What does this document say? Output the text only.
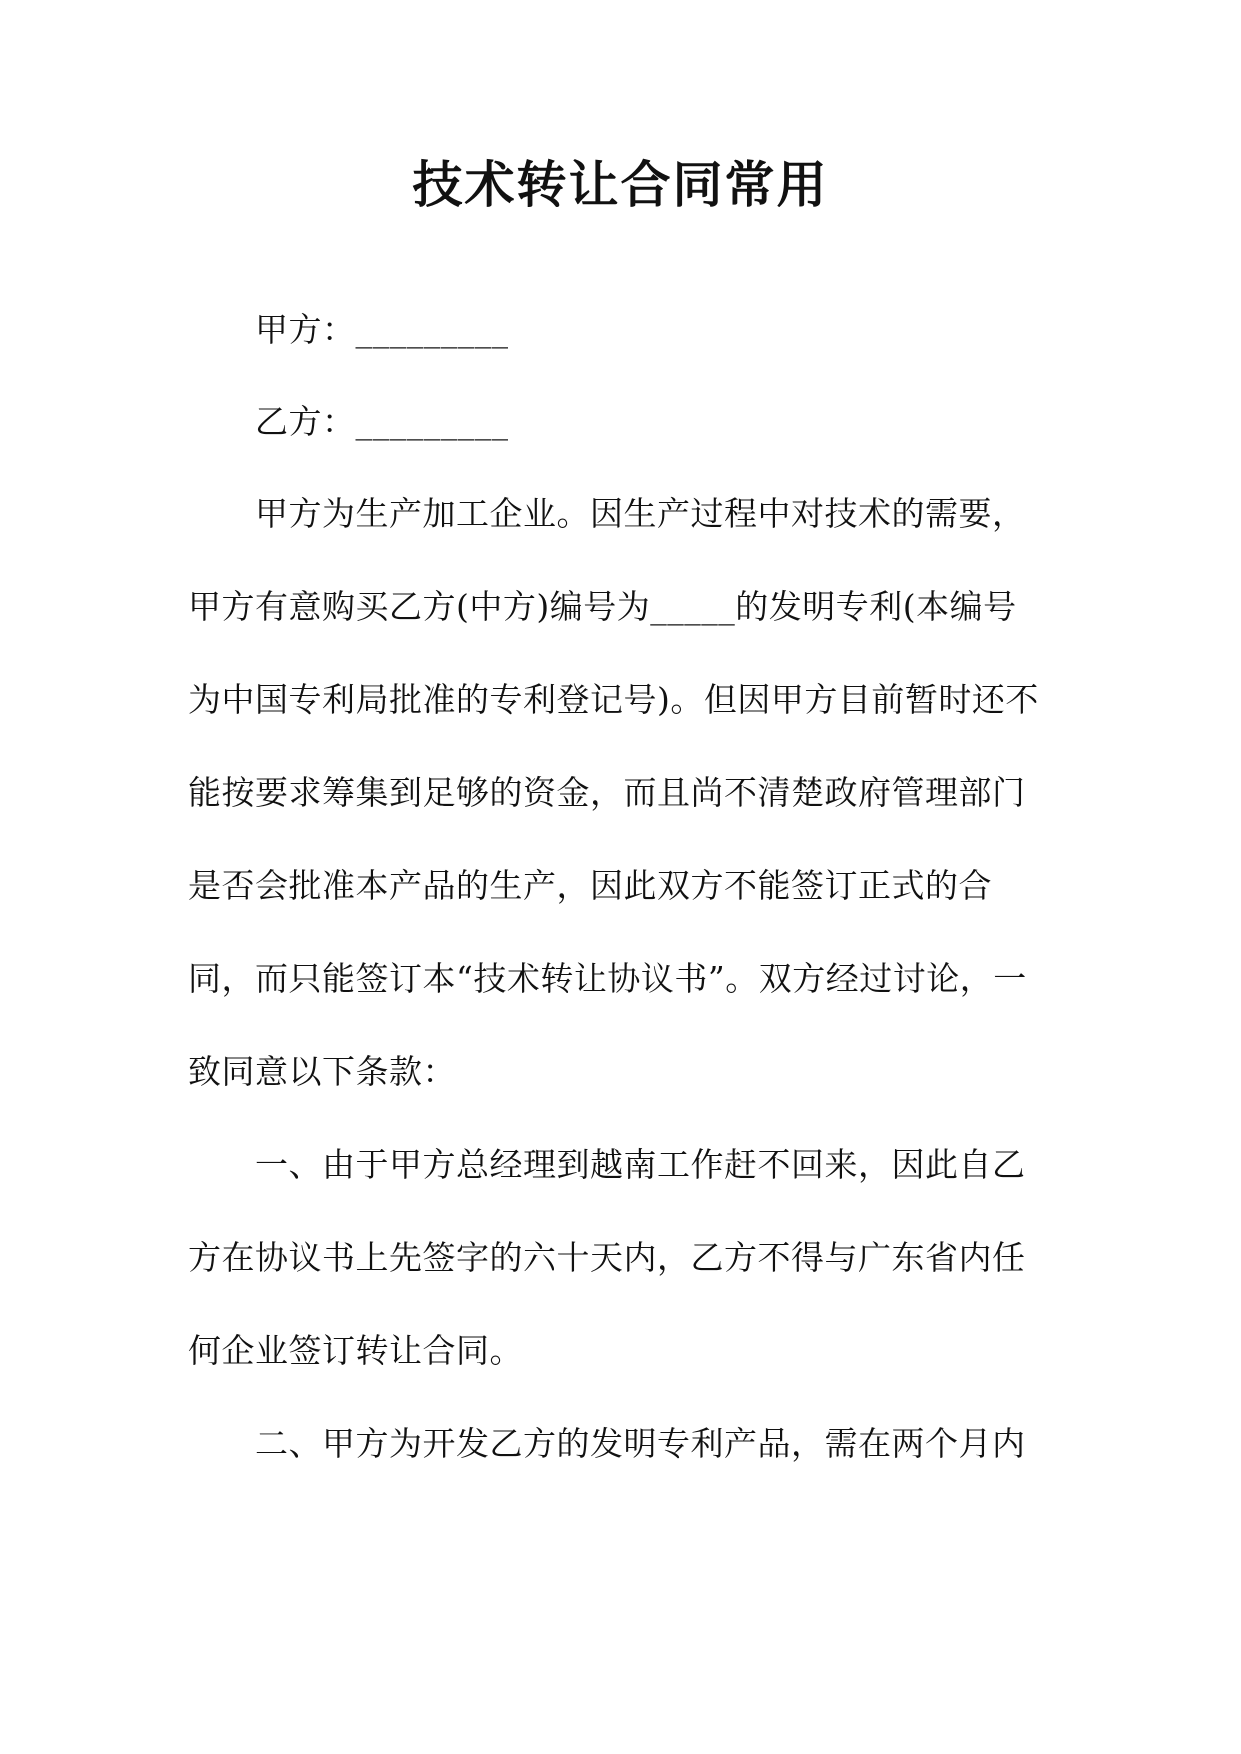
技术转让合同常用
甲方：_________
乙方：_________
甲方为生产加工企业。因生产过程中对技术的需要，
甲方有意购买乙方(中方)编号为_____的发明专利(本编号
为中国专利局批准的专利登记号)。但因甲方目前暂时还不
能按要求筹集到足够的资金，而且尚不清楚政府管理部门
是否会批准本产品的生产，因此双方不能签订正式的合
同，而只能签订本“技术转让协议书”。双方经过讨论，一
致同意以下条款：
一、由于甲方总经理到越南工作赶不回来，因此自乙
方在协议书上先签字的六十天内，乙方不得与广东省内任
何企业签订转让合同。
二、甲方为开发乙方的发明专利产品，需在两个月内
